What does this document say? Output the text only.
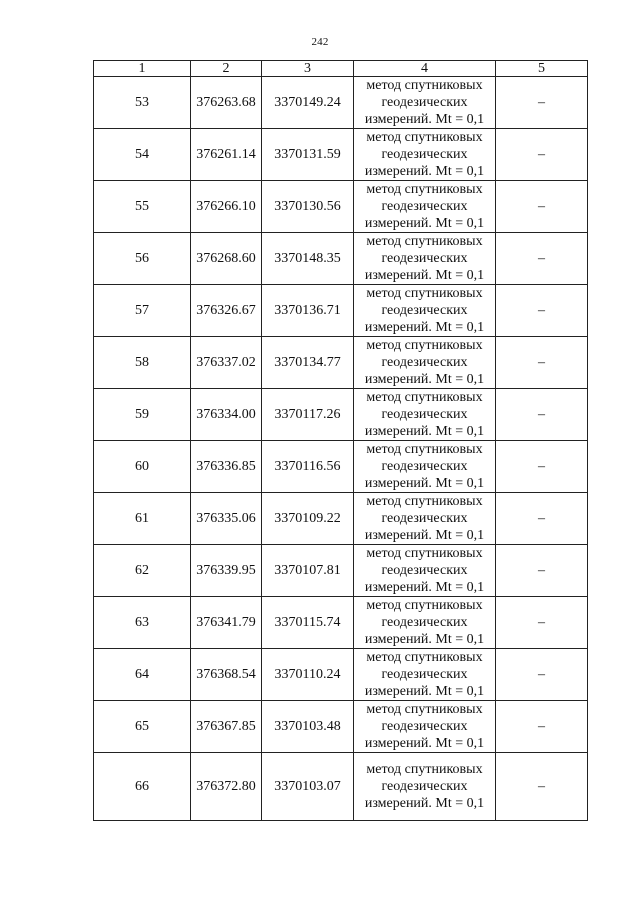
242
1	2	3	4	5
53	376263.68	3370149.24	метод спутниковых
геодезических
измерений. Mt = 0,1	–
54	376261.14	3370131.59	метод спутниковых
геодезических
измерений. Mt = 0,1	–
55	376266.10	3370130.56	метод спутниковых
геодезических
измерений. Mt = 0,1	–
56	376268.60	3370148.35	метод спутниковых
геодезических
измерений. Mt = 0,1	–
57	376326.67	3370136.71	метод спутниковых
геодезических
измерений. Mt = 0,1	–
58	376337.02	3370134.77	метод спутниковых
геодезических
измерений. Mt = 0,1	–
59	376334.00	3370117.26	метод спутниковых
геодезических
измерений. Mt = 0,1	–
60	376336.85	3370116.56	метод спутниковых
геодезических
измерений. Mt = 0,1	–
61	376335.06	3370109.22	метод спутниковых
геодезических
измерений. Mt = 0,1	–
62	376339.95	3370107.81	метод спутниковых
геодезических
измерений. Mt = 0,1	–
63	376341.79	3370115.74	метод спутниковых
геодезических
измерений. Mt = 0,1	–
64	376368.54	3370110.24	метод спутниковых
геодезических
измерений. Mt = 0,1	–
65	376367.85	3370103.48	метод спутниковых
геодезических
измерений. Mt = 0,1	–
66	376372.80	3370103.07	метод спутниковых
геодезических
измерений. Mt = 0,1	–
